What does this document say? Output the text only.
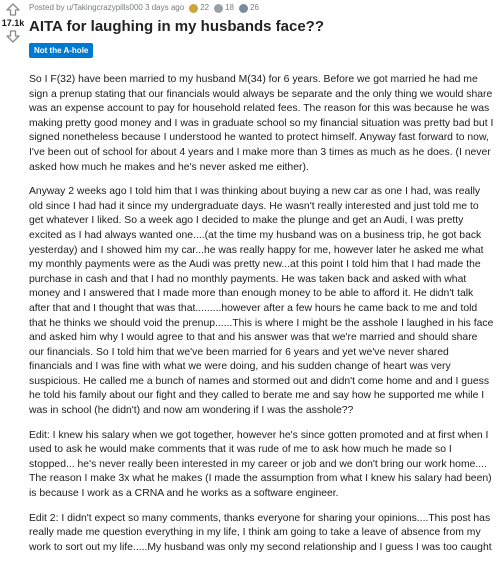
17.1k
Posted by u/Takingcrazypills000 3 days ago 22 18 26
AITA for laughing in my husbands face??
Not the A-hole

So I F(32) have been married to my husband M(34) for 6 years. Before we got married he had me sign a prenup stating that our financials would always be separate and the only thing we would share was an expense account to pay for household related fees. The reason for this was because he was making pretty good money and I was in graduate school so my financial situation was pretty bad but I signed nonetheless because I understood he wanted to protect himself. Anyway fast forward to now, I've been out of school for about 4 years and I make more than 3 times as much as he does. (I never asked how much he makes and he's never asked me either).

Anyway 2 weeks ago I told him that I was thinking about buying a new car as one I had, was really old since I had had it since my undergraduate days. He wasn't really interested and just told me to get whatever I liked. So a week ago I decided to make the plunge and get an Audi, I was pretty excited as I had always wanted one....(at the time my husband was on a business trip, he got back yesterday) and I showed him my car...he was really happy for me, however later he asked me what my monthly payments were as the Audi was pretty new...at this point I told him that I had made the purchase in cash and that I had no monthly payments. He was taken back and asked with what money and I answered that I made more than enough money to be able to afford it. He didn't talk after that and I thought that was that.........however after a few hours he came back to me and told that he thinks we should void the prenup......This is where I might be the asshole I laughed in his face and asked him why I would agree to that and his answer was that we're married and should share our financials. So I told him that we've been married for 6 years and yet we've never shared financials and I was fine with what we were doing, and his sudden change of heart was very suspicious. He called me a bunch of names and stormed out and didn't come home and and I guess he told his family about our fight and they called to berate me and say how he supported me while I was in school (he didn't) and now am wondering if I was the asshole??

Edit: I knew his salary when we got together, however he's since gotten promoted and at first when I used to ask he would make comments that it was rude of me to ask how much he made so I stopped... he's never really been interested in my career or job and we don't bring our work home.... The reason I make 3x what he makes (I made the assumption from what I knew his salary had been) is because I work as a CRNA and he works as a software engineer.

Edit 2: I didn't expect so many comments, thanks everyone for sharing your opinions....This post has really made me question everything in my life, I think am going to take a leave of absence from my work to sort out my life.....My husband was only my second relationship and I guess I was too caught
